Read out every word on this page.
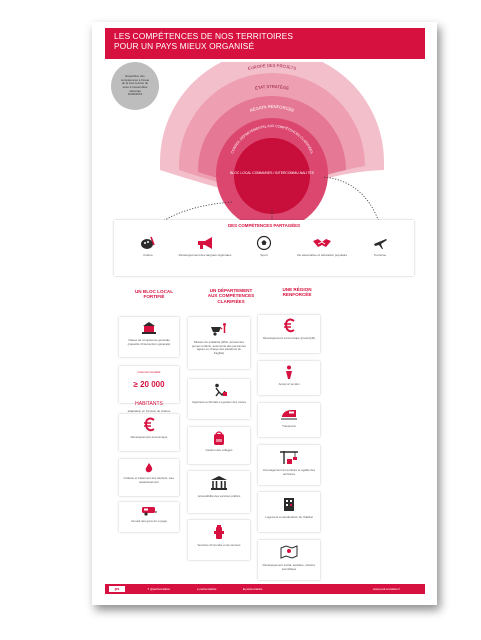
LES COMPÉTENCES DE NOS TERRITOIRES
POUR UN PAYS MIEUX ORGANISÉ
Répartition des
compétences à l'issue
de la 1ère lecture du
texte à l'assemblée
nationale
10/09/2015
EUROPE DES PROJETS
ÉTAT STRATÈGE
RÉGION RENFORCÉE
CONSEIL DÉPARTEMENTAL AUX COMPÉTENCES CLARIFIÉES
BLOC LOCAL COMMUNES / INTERCOMMU-NALITÉS
DES COMPÉTENCES PARTAGÉES
Culture	Développement des langues régionales	Sport	Vie associative et éducation populaire	Tourisme
UN BLOC LOCAL
FORTIFIÉ
UN DÉPARTEMENT
AUX COMPÉTENCES
CLARIFIÉES
UNE RÉGION
RENFORCÉE
Clause de compétence générale (capacité d'intervention générale)
intercommunalité
≥ 20 000 HABITANTS
adaptation en fonction de critères
Développement économique
Collecte et traitement des déchets, eau, assainissement
Accueil des gens du voyage
Mission de solidarité (RSA, accueil des jeunes enfants, autonomie des personnes âgées en charge des situations de fragilité)
Ingénierie territoriale et gestion des routes
Gestion des collèges
Accessibilité des services publics
Services d'incendie et de secours
Développement économique (prescriptif)
Accès à l'emploi
Transports
Aménagement du territoire et égalité des territoires
Logement et amélioration de l'habitat
Développement social, sanitaire, culturel, scientifique
ps	✦ @partisocialiste	● partisocialiste	■ partisocialiste	www.parti-socialiste.fr
